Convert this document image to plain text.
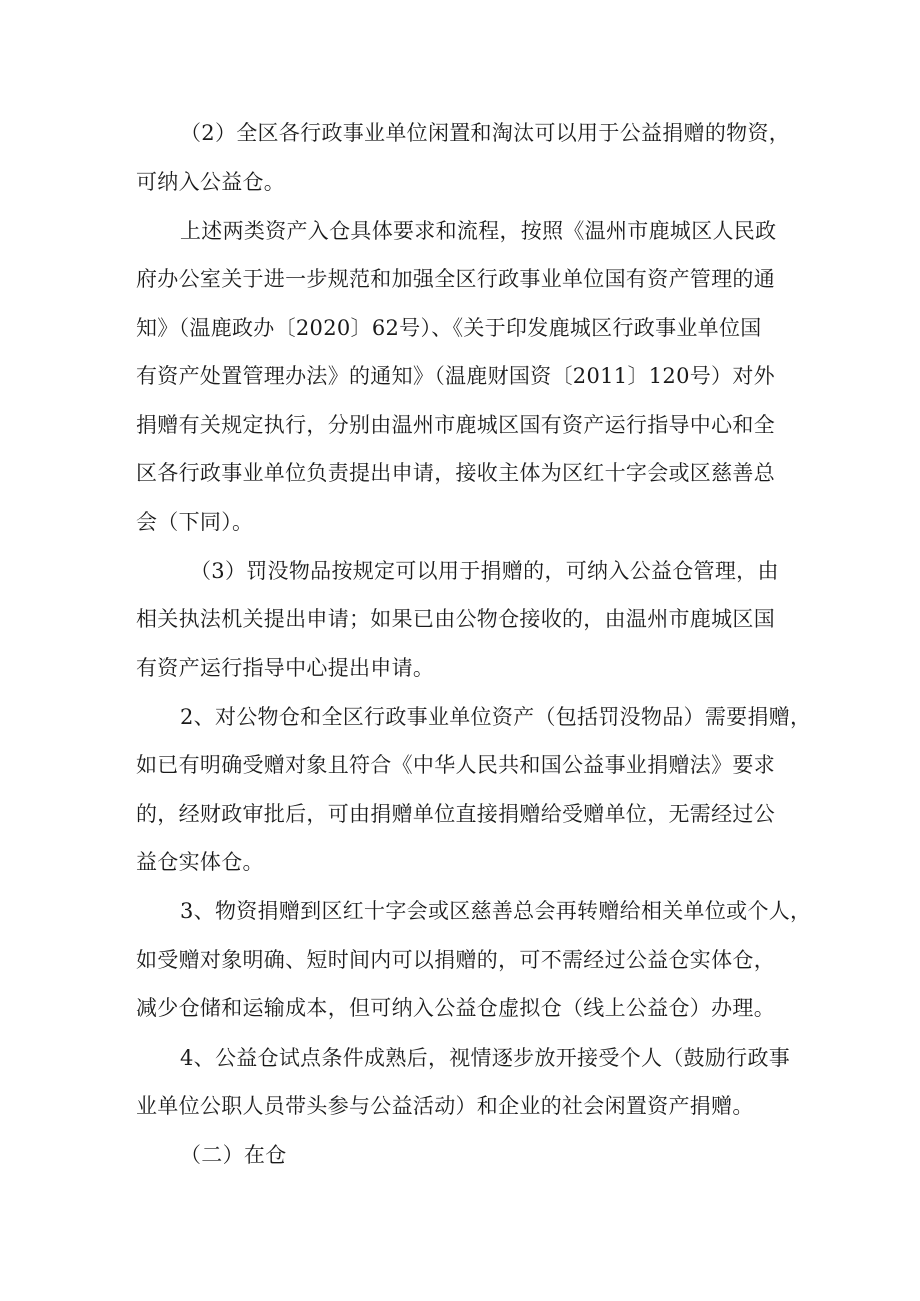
（2）全区各行政事业单位闲置和淘汰可以用于公益捐赠的物资，
可纳入公益仓。
上述两类资产入仓具体要求和流程，按照《温州市鹿城区人民政
府办公室关于进一步规范和加强全区行政事业单位国有资产管理的通
知》（温鹿政办〔2020〕62号）、《关于印发鹿城区行政事业单位国
有资产处置管理办法》的通知》（温鹿财国资〔2011〕120号）对外
捐赠有关规定执行，分别由温州市鹿城区国有资产运行指导中心和全
区各行政事业单位负责提出申请，接收主体为区红十字会或区慈善总
会（下同）。
（3）罚没物品按规定可以用于捐赠的，可纳入公益仓管理，由
相关执法机关提出申请；如果已由公物仓接收的，由温州市鹿城区国
有资产运行指导中心提出申请。
2、对公物仓和全区行政事业单位资产（包括罚没物品）需要捐赠，
如已有明确受赠对象且符合《中华人民共和国公益事业捐赠法》要求
的，经财政审批后，可由捐赠单位直接捐赠给受赠单位，无需经过公
益仓实体仓。
3、物资捐赠到区红十字会或区慈善总会再转赠给相关单位或个人，
如受赠对象明确、短时间内可以捐赠的，可不需经过公益仓实体仓，
减少仓储和运输成本，但可纳入公益仓虚拟仓（线上公益仓）办理。
4、公益仓试点条件成熟后，视情逐步放开接受个人（鼓励行政事
业单位公职人员带头参与公益活动）和企业的社会闲置资产捐赠。
（二）在仓
